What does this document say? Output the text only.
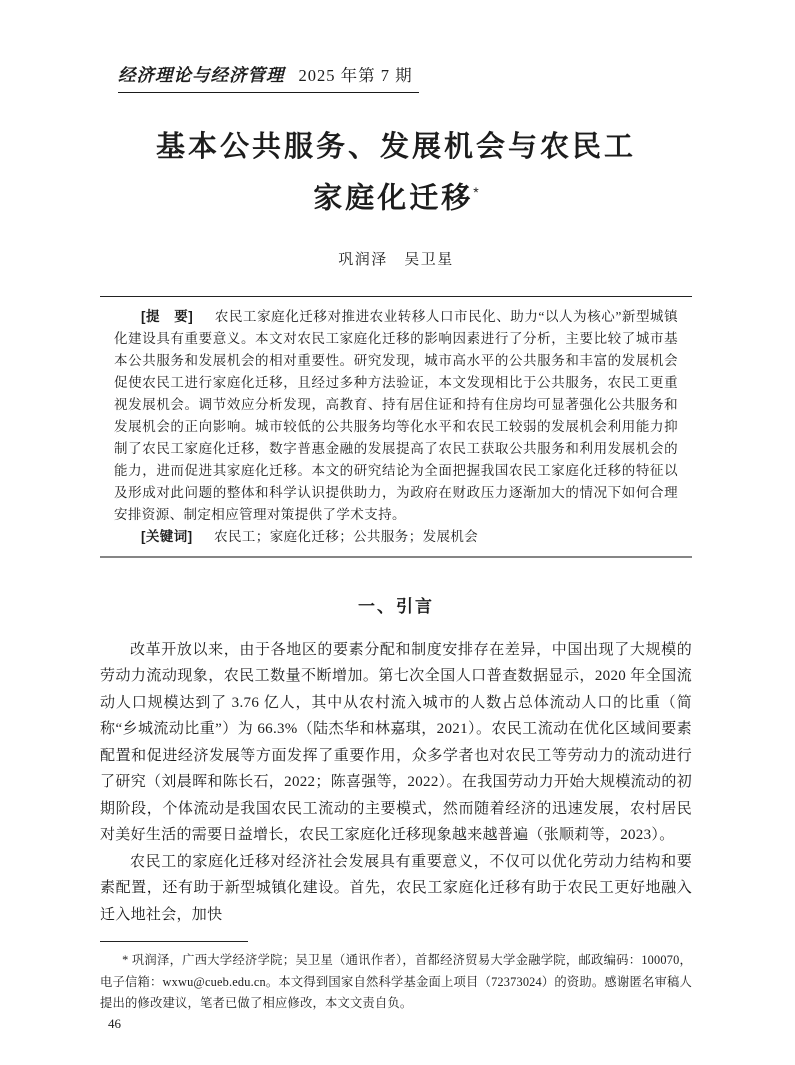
经济理论与经济管理 2025 年第 7 期
基本公共服务、发展机会与农民工
家庭化迁移*
巩润泽　吴卫星

[提　要] 农民工家庭化迁移对推进农业转移人口市民化、助力“以人为核心”新型城镇化建设具有重要意义。本文对农民工家庭化迁移的影响因素进行了分析，主要比较了城市基本公共服务和发展机会的相对重要性。研究发现，城市高水平的公共服务和丰富的发展机会促使农民工进行家庭化迁移，且经过多种方法验证，本文发现相比于公共服务，农民工更重视发展机会。调节效应分析发现，高教育、持有居住证和持有住房均可显著强化公共服务和发展机会的正向影响。城市较低的公共服务均等化水平和农民工较弱的发展机会利用能力抑制了农民工家庭化迁移，数字普惠金融的发展提高了农民工获取公共服务和利用发展机会的能力，进而促进其家庭化迁移。本文的研究结论为全面把握我国农民工家庭化迁移的特征以及形成对此问题的整体和科学认识提供助力，为政府在财政压力逐渐加大的情况下如何合理安排资源、制定相应管理对策提供了学术支持。

[关键词] 农民工；家庭化迁移；公共服务；发展机会

一、引言

改革开放以来，由于各地区的要素分配和制度安排存在差异，中国出现了大规模的劳动力流动现象，农民工数量不断增加。第七次全国人口普查数据显示，2020 年全国流动人口规模达到了 3.76 亿人，其中从农村流入城市的人数占总体流动人口的比重（简称“乡城流动比重”）为 66.3%（陆杰华和林嘉琪，2021）。农民工流动在优化区域间要素配置和促进经济发展等方面发挥了重要作用，众多学者也对农民工等劳动力的流动进行了研究（刘晨晖和陈长石，2022；陈喜强等，2022）。在我国劳动力开始大规模流动的初期阶段，个体流动是我国农民工流动的主要模式，然而随着经济的迅速发展，农村居民对美好生活的需要日益增长，农民工家庭化迁移现象越来越普遍（张顺莉等，2023）。

农民工的家庭化迁移对经济社会发展具有重要意义，不仅可以优化劳动力结构和要素配置，还有助于新型城镇化建设。首先，农民工家庭化迁移有助于农民工更好地融入迁入地社会，加快

* 巩润泽，广西大学经济学院；吴卫星（通讯作者），首都经济贸易大学金融学院，邮政编码：100070，电子信箱：wxwu@cueb.edu.cn。本文得到国家自然科学基金面上项目（72373024）的资助。感谢匿名审稿人提出的修改建议，笔者已做了相应修改，本文文责自负。
46
